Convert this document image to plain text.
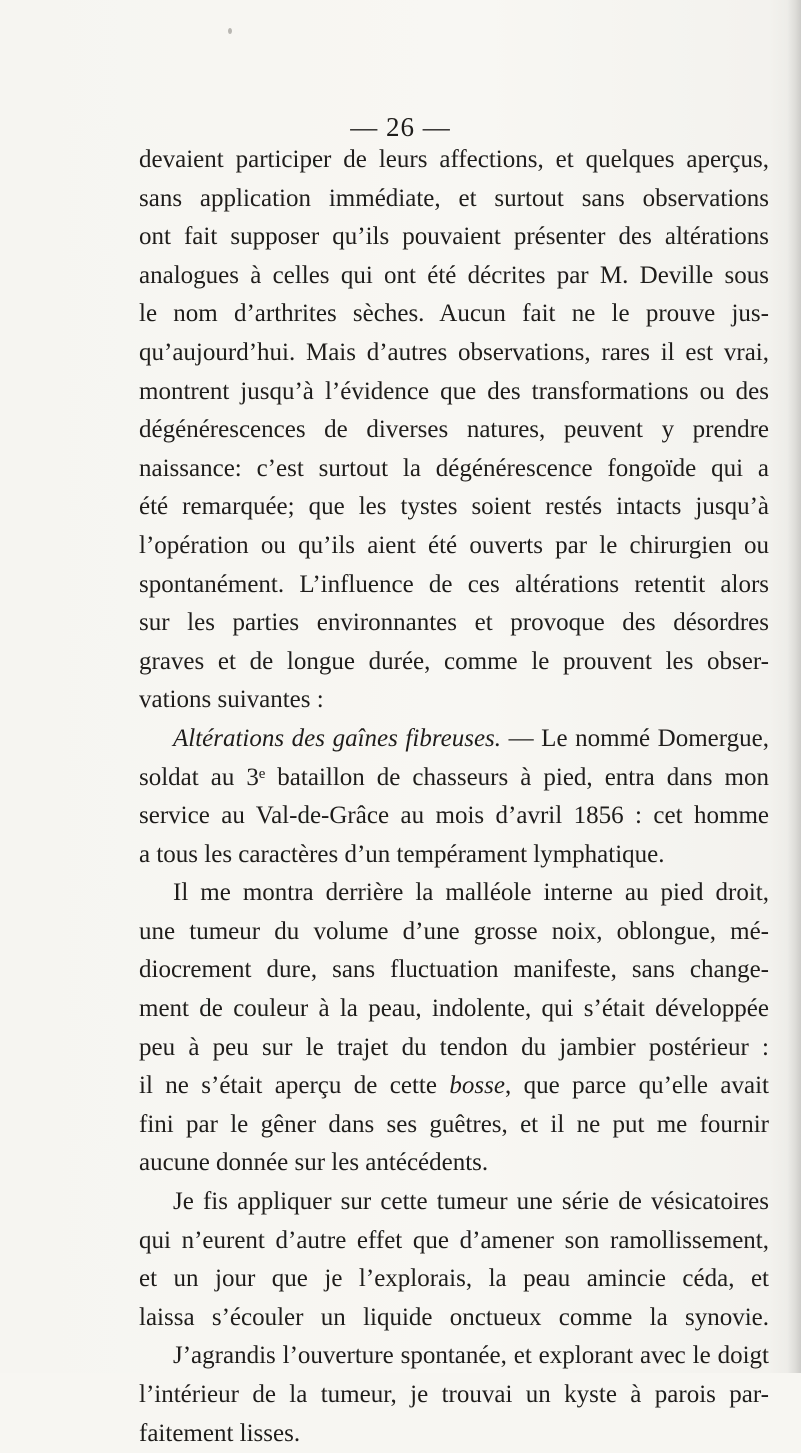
— 26 —
devaient participer de leurs affections, et quelques aperçus,
sans application immédiate, et surtout sans observations
ont fait supposer qu’ils pouvaient présenter des altérations
analogues à celles qui ont été décrites par M. Deville sous
le nom d’arthrites sèches. Aucun fait ne le prouve jus-
qu’aujourd’hui. Mais d’autres observations, rares il est vrai,
montrent jusqu’à l’évidence que des transformations ou des
dégénérescences de diverses natures, peuvent y prendre
naissance: c’est surtout la dégénérescence fongoïde qui a
été remarquée; que les tystes soient restés intacts jusqu’à
l’opération ou qu’ils aient été ouverts par le chirurgien ou
spontanément. L’influence de ces altérations retentit alors
sur les parties environnantes et provoque des désordres
graves et de longue durée, comme le prouvent les obser-
vations suivantes :
Altérations des gaînes fibreuses. — Le nommé Domergue,
soldat au 3ᵉ bataillon de chasseurs à pied, entra dans mon
service au Val-de-Grâce au mois d’avril 1856 : cet homme
a tous les caractères d’un tempérament lymphatique.
Il me montra derrière la malléole interne au pied droit,
une tumeur du volume d’une grosse noix, oblongue, mé-
diocrement dure, sans fluctuation manifeste, sans change-
ment de couleur à la peau, indolente, qui s’était développée
peu à peu sur le trajet du tendon du jambier postérieur :
il ne s’était aperçu de cette bosse, que parce qu’elle avait
fini par le gêner dans ses guêtres, et il ne put me fournir
aucune donnée sur les antécédents.
Je fis appliquer sur cette tumeur une série de vésicatoires
qui n’eurent d’autre effet que d’amener son ramollissement,
et un jour que je l’explorais, la peau amincie céda, et
laissa s’écouler un liquide onctueux comme la synovie.
J’agrandis l’ouverture spontanée, et explorant avec le doigt
l’intérieur de la tumeur, je trouvai un kyste à parois par-
faitement lisses.
